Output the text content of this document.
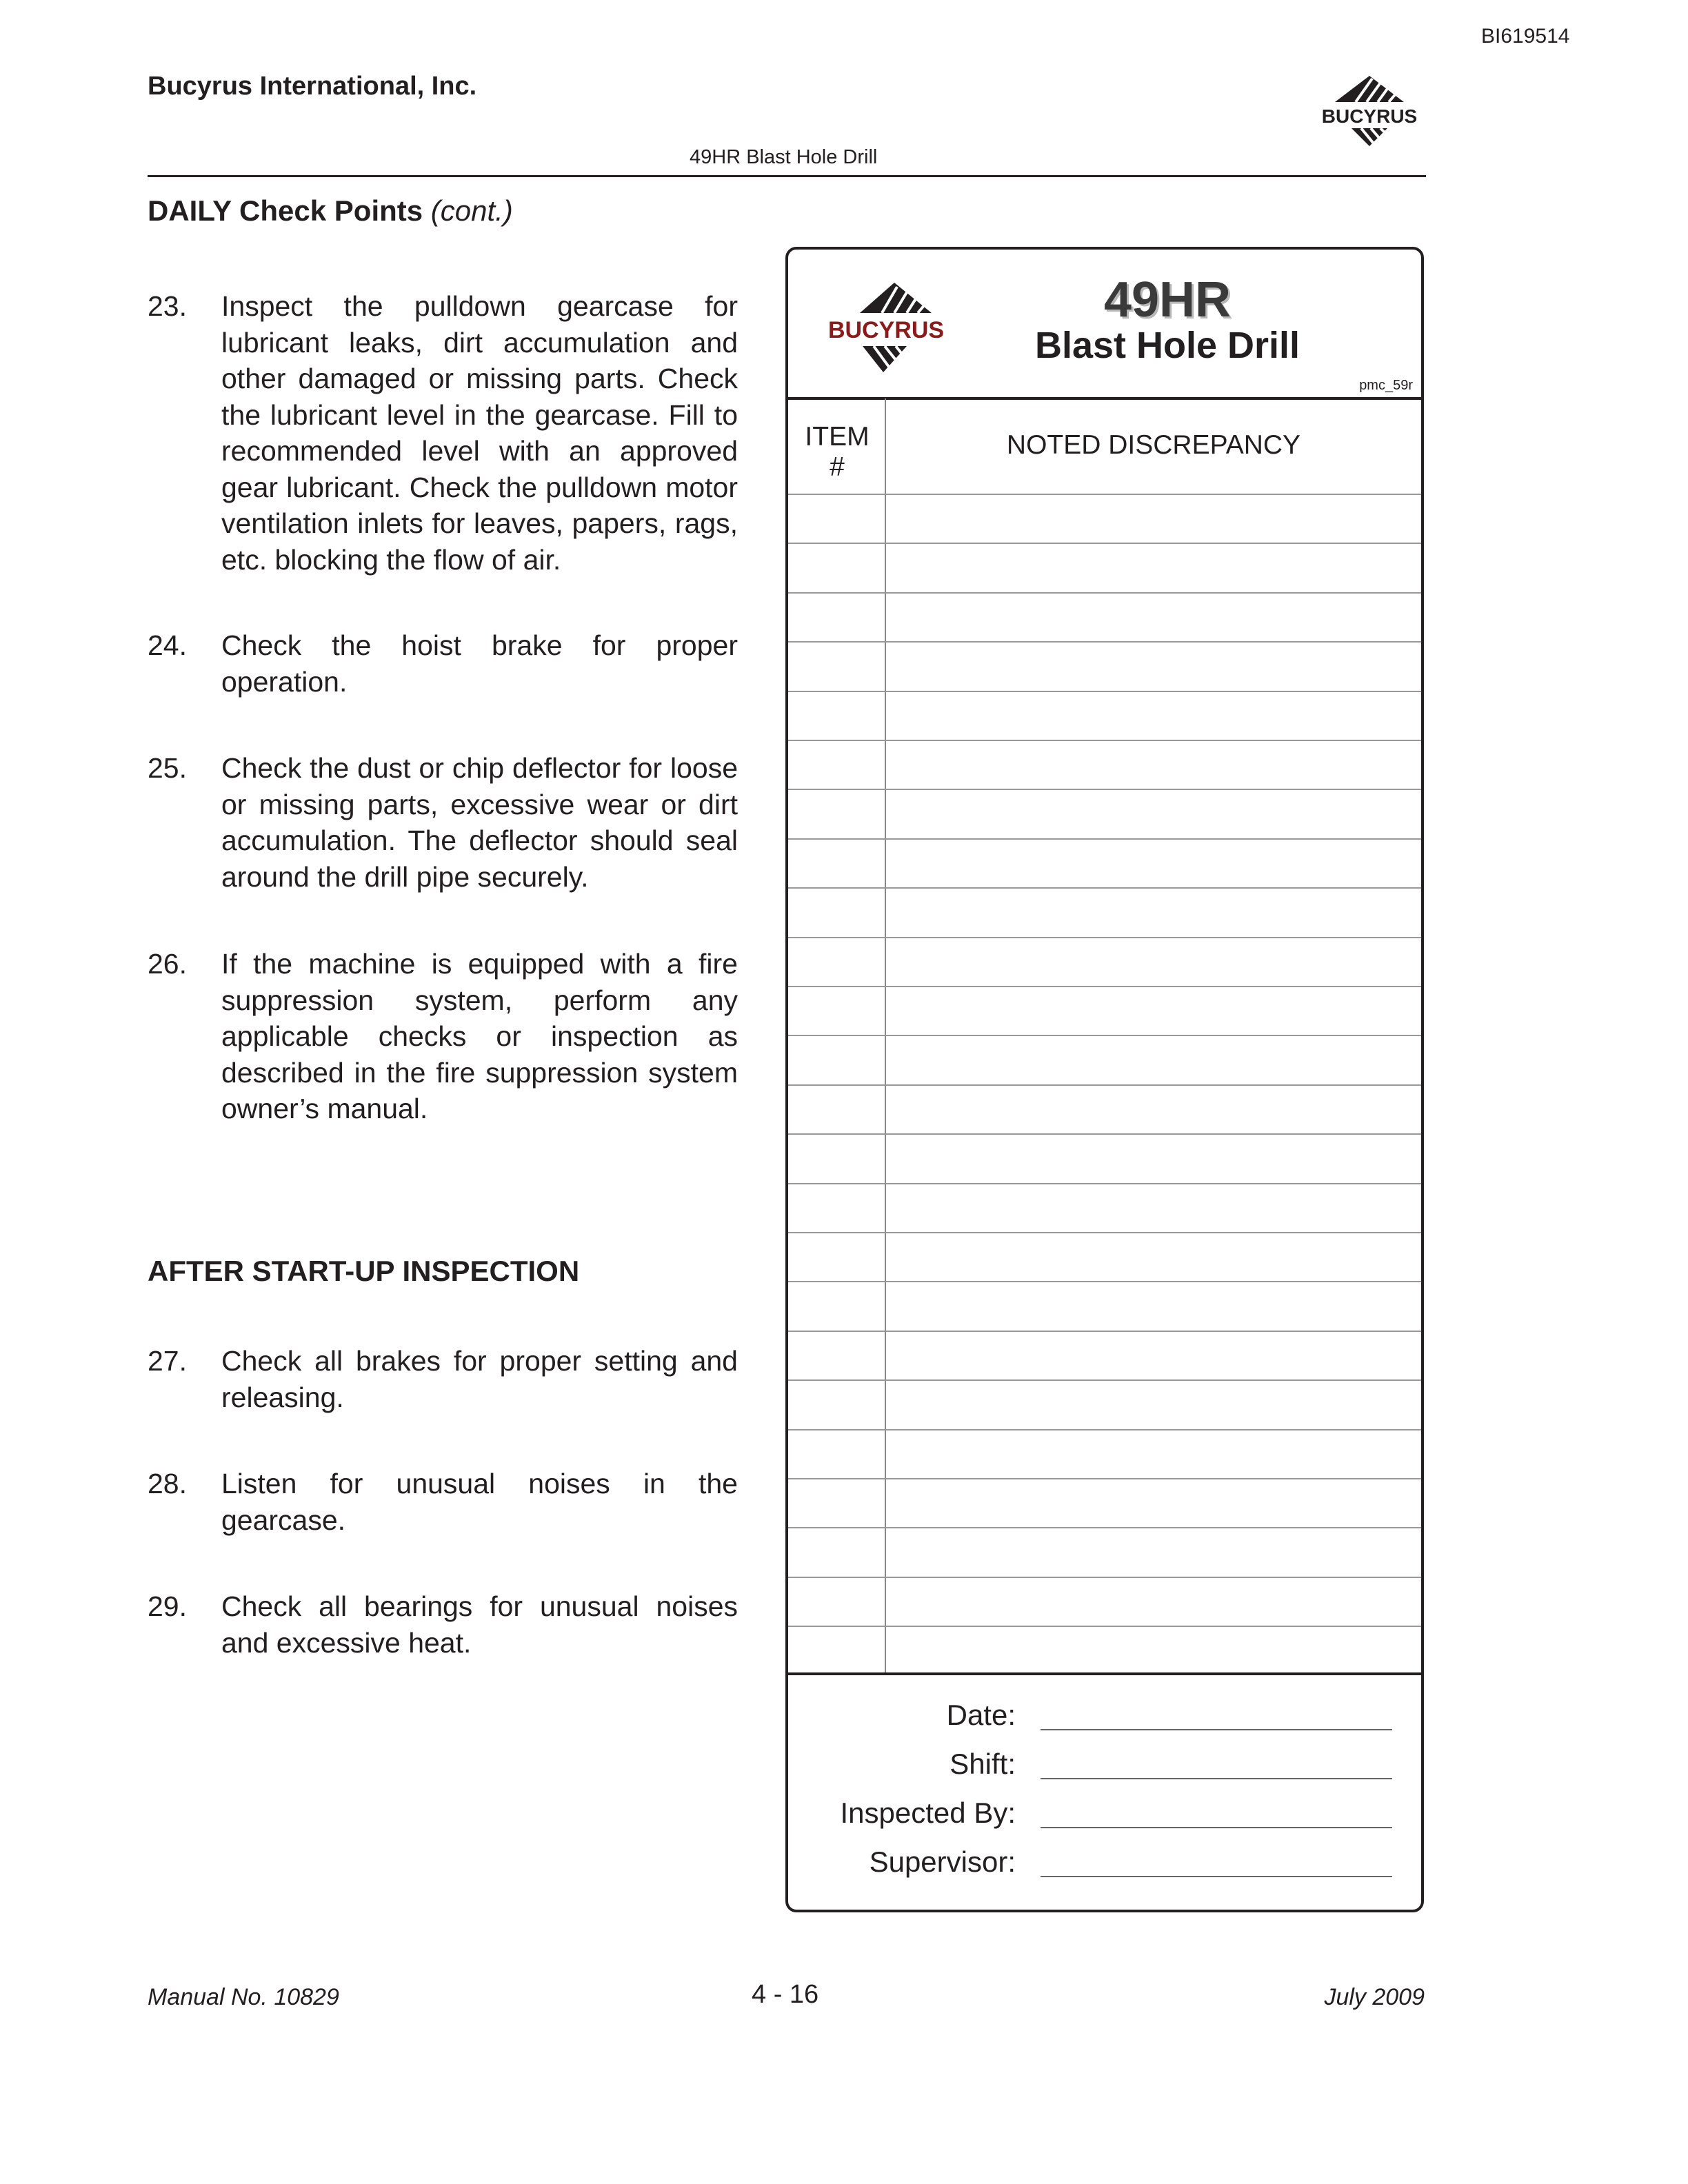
BI619514
Bucyrus International, Inc.
BUCYRUS
49HR Blast Hole Drill
DAILY Check Points (cont.)
23. Inspect the pulldown gearcase for lubricant leaks, dirt accumulation and other damaged or missing parts. Check the lubricant level in the gearcase. Fill to recommended level with an approved gear lubricant. Check the pulldown motor ventilation inlets for leaves, papers, rags, etc. blocking the flow of air.
24. Check the hoist brake for proper operation.
25. Check the dust or chip deflector for loose or missing parts, excessive wear or dirt accumulation. The deflector should seal around the drill pipe securely.
26. If the machine is equipped with a fire suppression system, perform any applicable checks or inspection as described in the fire suppression system owner’s manual.
AFTER START-UP INSPECTION
27. Check all brakes for proper setting and releasing.
28. Listen for unusual noises in the gearcase.
29. Check all bearings for unusual noises and excessive heat.
BUCYRUS
49HR
Blast Hole Drill
pmc_59r
ITEM
#
NOTED DISCREPANCY
Date:
Shift:
Inspected By:
Supervisor:
Manual No. 10829	4 - 16	July 2009
